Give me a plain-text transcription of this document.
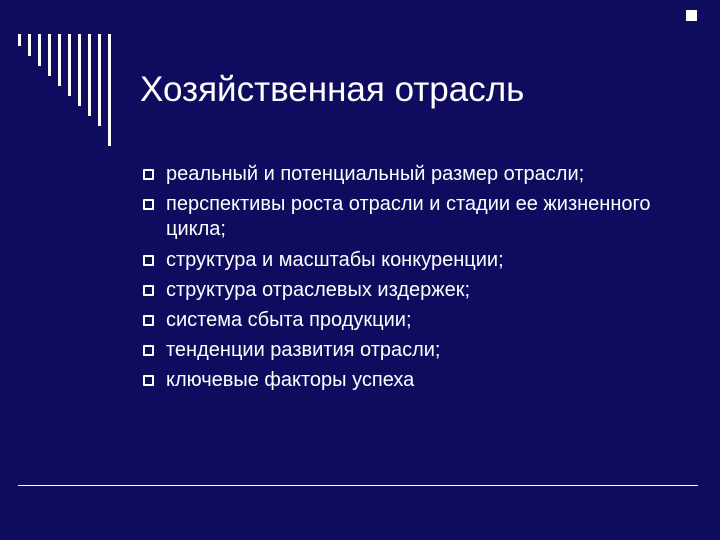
Хозяйственная отрасль
реальный и потенциальный размер отрасли;
перспективы роста отрасли и стадии ее жизненного цикла;
структура и масштабы конкуренции;
структура отраслевых издержек;
система сбыта продукции;
тенденции развития отрасли;
ключевые факторы успеха
